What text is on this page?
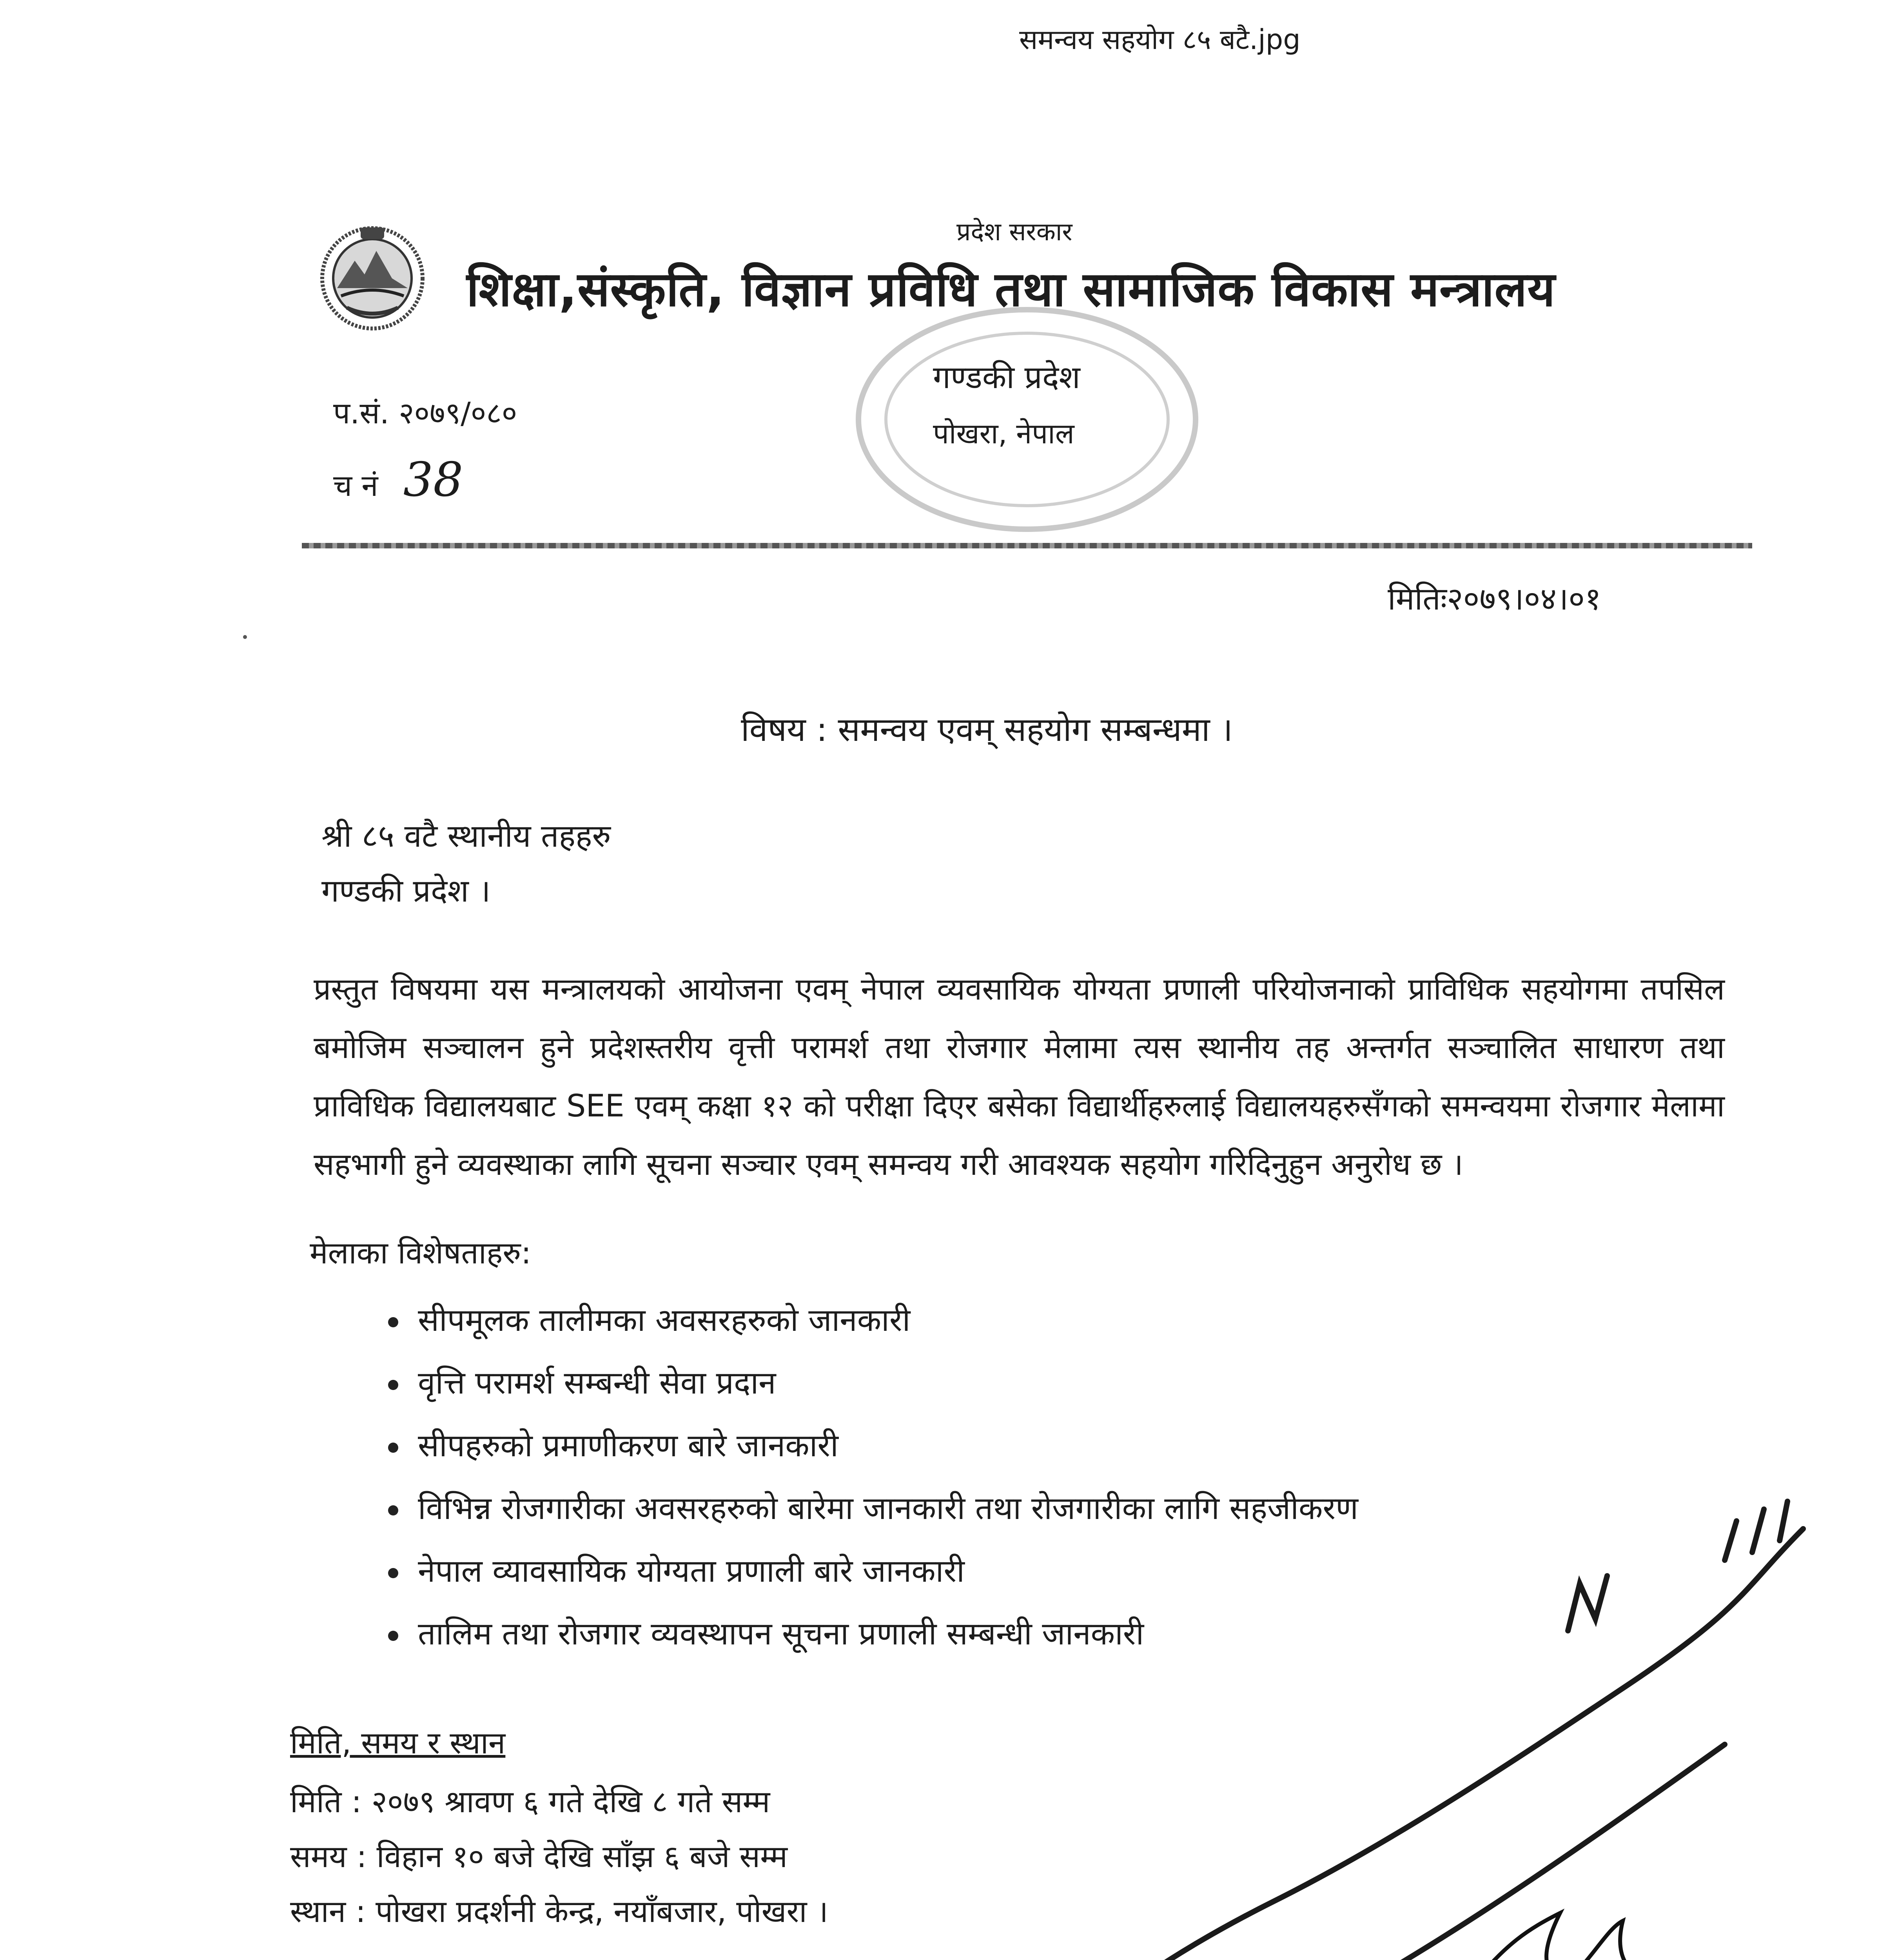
समन्वय सहयोग ८५ बटै.jpg
प्रदेश सरकार
शिक्षा,संस्कृति, विज्ञान प्रविधि तथा सामाजिक विकास मन्त्रालय
गण्डकी प्रदेश
पोखरा, नेपाल
प.सं. २०७९/०८०
च नं 38
मितिः२०७९।०४।०१
विषय : समन्वय एवम् सहयोग सम्बन्धमा ।
श्री ८५ वटै स्थानीय तहहरु
गण्डकी प्रदेश ।
प्रस्तुत विषयमा यस मन्त्रालयको आयोजना एवम् नेपाल व्यवसायिक योग्यता प्रणाली परियोजनाको प्राविधिक सहयोगमा तपसिल बमोजिम सञ्चालन हुने प्रदेशस्तरीय वृत्ती परामर्श तथा रोजगार मेलामा त्यस स्थानीय तह अन्तर्गत सञ्चालित साधारण तथा प्राविधिक विद्यालयबाट SEE एवम् कक्षा १२ को परीक्षा दिएर बसेका विद्यार्थीहरुलाई विद्यालयहरुसँगको समन्वयमा रोजगार मेलामा सहभागी हुने व्यवस्थाका लागि सूचना सञ्चार एवम् समन्वय गरी आवश्यक सहयोग गरिदिनुहुन अनुरोध छ ।
मेलाका विशेषताहरु:
सीपमूलक तालीमका अवसरहरुको जानकारी
वृत्ति परामर्श सम्बन्धी सेवा प्रदान
सीपहरुको प्रमाणीकरण बारे जानकारी
विभिन्न रोजगारीका अवसरहरुको बारेमा जानकारी तथा रोजगारीका लागि सहजीकरण
नेपाल व्यावसायिक योग्यता प्रणाली बारे जानकारी
तालिम तथा रोजगार व्यवस्थापन सूचना प्रणाली सम्बन्धी जानकारी
मिति, समय र स्थान
मिति : २०७९ श्रावण ६ गते देखि ८ गते सम्म
समय : विहान १० बजे देखि साँझ ६ बजे सम्म
स्थान : पोखरा प्रदर्शनी केन्द्र, नयाँबजार, पोखरा ।
